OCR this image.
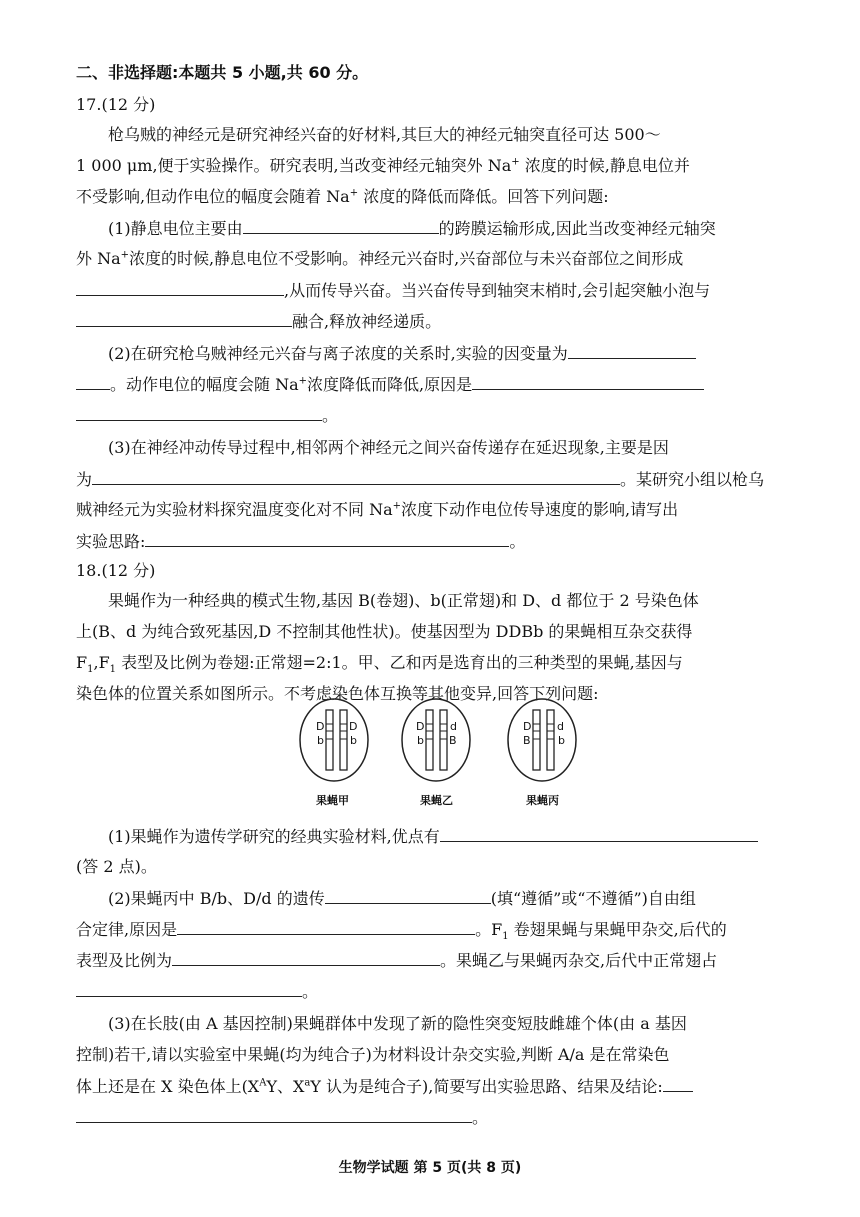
二、非选择题:本题共 5 小题,共 60 分。
17.(12 分)
枪乌贼的神经元是研究神经兴奋的好材料,其巨大的神经元轴突直径可达 500～
1 000 μm,便于实验操作。研究表明,当改变神经元轴突外 Na+ 浓度的时候,静息电位并
不受影响,但动作电位的幅度会随着 Na+ 浓度的降低而降低。回答下列问题:
(1)静息电位主要由	的跨膜运输形成,因此当改变神经元轴突
外 Na+浓度的时候,静息电位不受影响。神经元兴奋时,兴奋部位与未兴奋部位之间形成
,从而传导兴奋。当兴奋传导到轴突末梢时,会引起突触小泡与
融合,释放神经递质。
(2)在研究枪乌贼神经元兴奋与离子浓度的关系时,实验的因变量为
。动作电位的幅度会随 Na+浓度降低而降低,原因是
。
(3)在神经冲动传导过程中,相邻两个神经元之间兴奋传递存在延迟现象,主要是因
为	。某研究小组以枪乌
贼神经元为实验材料探究温度变化对不同 Na+浓度下动作电位传导速度的影响,请写出
实验思路:	。
18.(12 分)
果蝇作为一种经典的模式生物,基因 B(卷翅)、b(正常翅)和 D、d 都位于 2 号染色体
上(B、d 为纯合致死基因,D 不控制其他性状)。使基因型为 DDBb 的果蝇相互杂交获得
$F_1,F_1$ 表型及比例为卷翅:正常翅=2:1。甲、乙和丙是选育出的三种类型的果蝇,基因与
染色体的位置关系如图所示。不考虑染色体互换等其他变异,回答下列问题:
D
b
D
b
D
b
d
B
D
B
d
b
果蝇甲	果蝇乙	果蝇丙
(1)果蝇作为遗传学研究的经典实验材料,优点有
(答 2 点)。
(2)果蝇丙中 B/b、D/d 的遗传	(填“遵循”或“不遵循”)自由组
合定律,原因是	。$F_1$ 卷翅果蝇与果蝇甲杂交,后代的
表型及比例为	。果蝇乙与果蝇丙杂交,后代中正常翅占
。
(3)在长肢(由 A 基因控制)果蝇群体中发现了新的隐性突变短肢雌雄个体(由 a 基因
控制)若干,请以实验室中果蝇(均为纯合子)为材料设计杂交实验,判断 A/a 是在常染色
体上还是在 X 染色体上($X^AY$、$X^aY$ 认为是纯合子),简要写出实验思路、结果及结论:
。
生物学试题 第 5 页(共 8 页)
